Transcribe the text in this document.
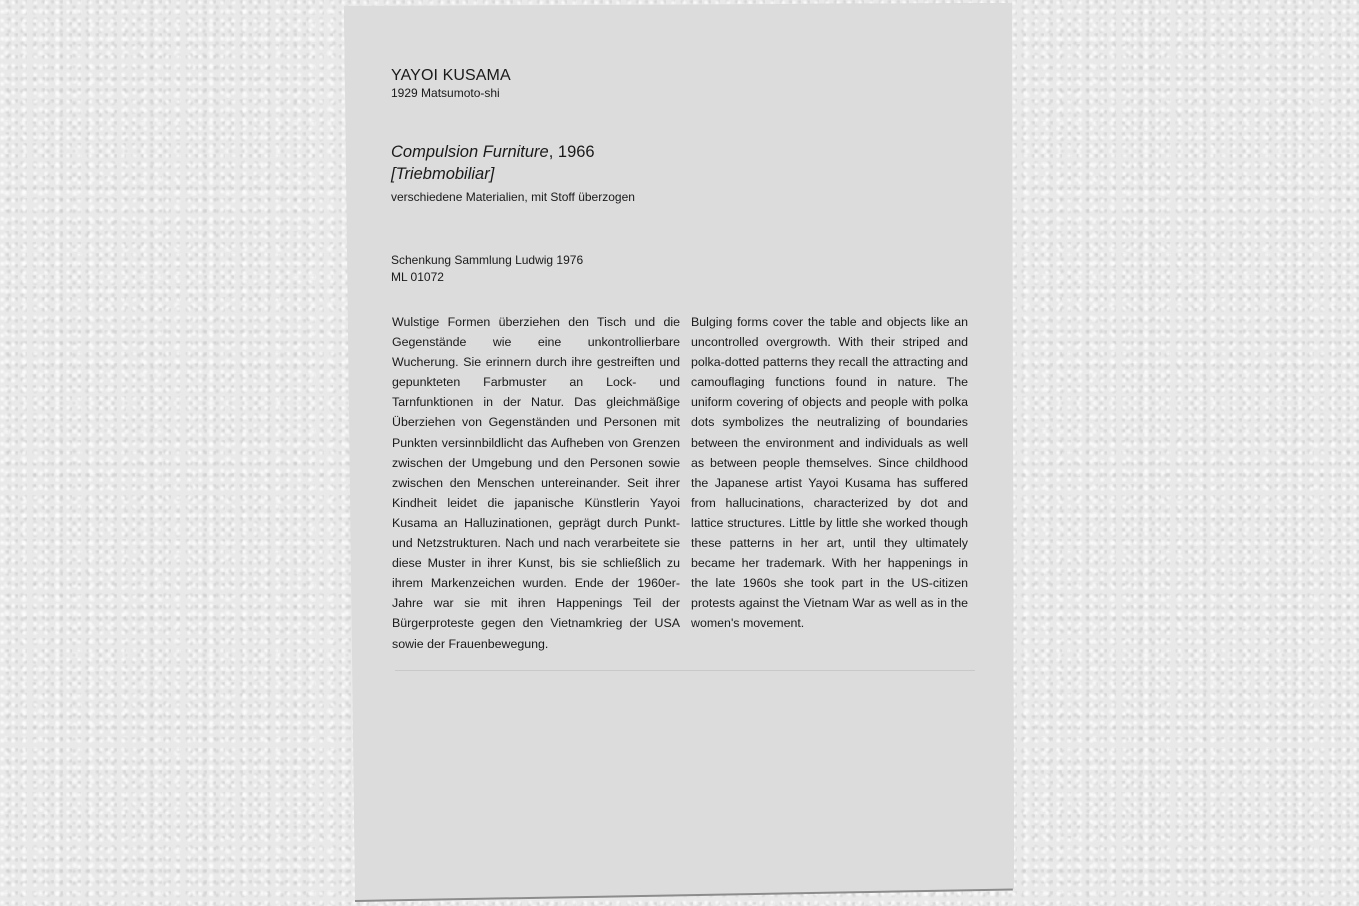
YAYOI KUSAMA
1929 Matsumoto-shi
Compulsion Furniture, 1966
[Triebmobiliar]
verschiedene Materialien, mit Stoff überzogen
Schenkung Sammlung Ludwig 1976
ML 01072
Wulstige Formen überziehen den Tisch und die Gegenstände wie eine unkontrollierbare Wucherung. Sie erinnern durch ihre gestreiften und gepunkteten Farbmuster an Lock- und Tarnfunktionen in der Natur. Das gleichmäßige Überziehen von Gegenständen und Personen mit Punkten versinnbildlicht das Aufheben von Grenzen zwischen der Umgebung und den Personen sowie zwischen den Menschen untereinander. Seit ihrer Kindheit leidet die japanische Künstlerin Yayoi Kusama an Halluzinationen, geprägt durch Punkt- und Netzstrukturen. Nach und nach verarbeitete sie diese Muster in ihrer Kunst, bis sie schließlich zu ihrem Markenzeichen wurden. Ende der 1960er-Jahre war sie mit ihren Happenings Teil der Bürgerproteste gegen den Vietnamkrieg der USA sowie der Frauenbewegung.
Bulging forms cover the table and objects like an uncontrolled overgrowth. With their striped and polka-dotted patterns they recall the attracting and camouflaging functions found in nature. The uniform covering of objects and people with polka dots symbolizes the neutralizing of boundaries between the environment and individuals as well as between people themselves. Since childhood the Japanese artist Yayoi Kusama has suffered from hallucinations, characterized by dot and lattice structures. Little by little she worked though these patterns in her art, until they ultimately became her trademark. With her happenings in the late 1960s she took part in the US-citizen protests against the Vietnam War as well as in the women's movement.
